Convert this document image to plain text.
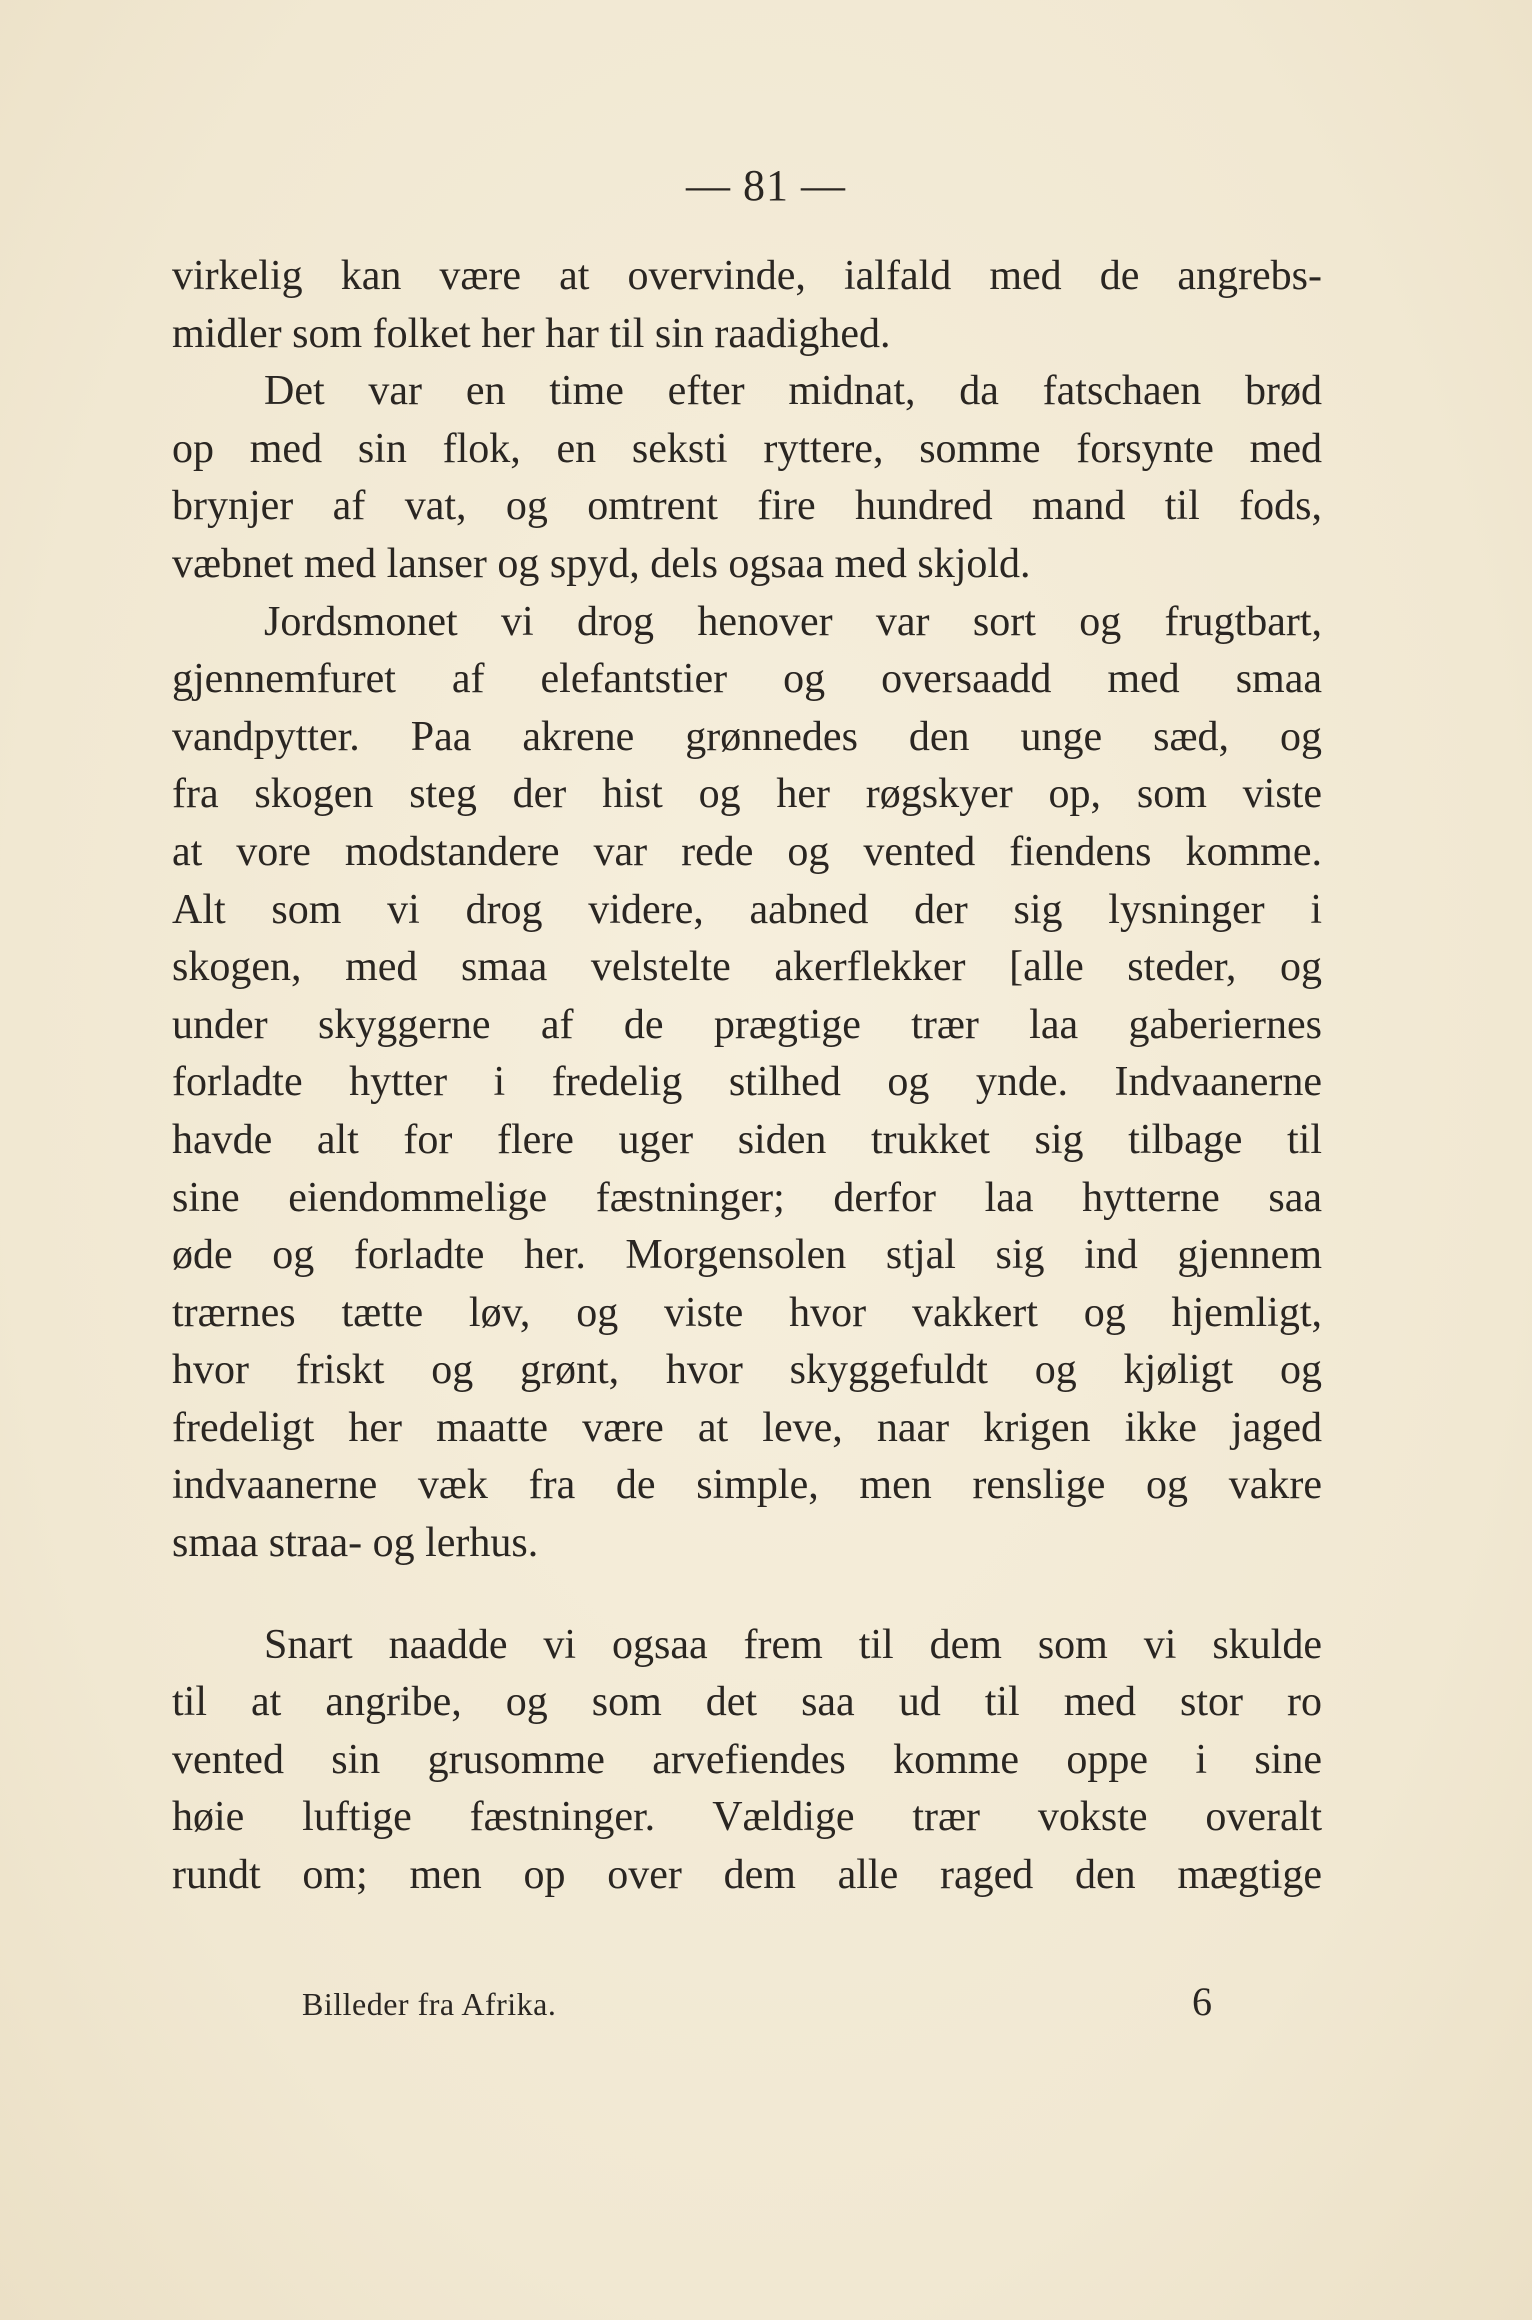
— 81 —
virkelig kan være at overvinde, ialfald med de angrebs-
midler som folket her har til sin raadighed.
Det var en time efter midnat, da fatschaen brød
op med sin flok, en seksti ryttere, somme forsynte med
brynjer af vat, og omtrent fire hundred mand til fods,
væbnet med lanser og spyd, dels ogsaa med skjold.
Jordsmonet vi drog henover var sort og frugtbart,
gjennemfuret af elefantstier og oversaadd med smaa
vandpytter. Paa akrene grønnedes den unge sæd, og
fra skogen steg der hist og her røgskyer op, som viste
at vore modstandere var rede og vented fiendens komme.
Alt som vi drog videre, aabned der sig lysninger i
skogen, med smaa velstelte akerflekker [alle steder, og
under skyggerne af de prægtige trær laa gaberiernes
forladte hytter i fredelig stilhed og ynde. Indvaanerne
havde alt for flere uger siden trukket sig tilbage til
sine eiendommelige fæstninger; derfor laa hytterne saa
øde og forladte her. Morgensolen stjal sig ind gjennem
trærnes tætte løv, og viste hvor vakkert og hjemligt,
hvor friskt og grønt, hvor skyggefuldt og kjøligt og
fredeligt her maatte være at leve, naar krigen ikke jaged
indvaanerne væk fra de simple, men renslige og vakre
smaa straa- og lerhus.
Snart naadde vi ogsaa frem til dem som vi skulde
til at angribe, og som det saa ud til med stor ro
vented sin grusomme arvefiendes komme oppe i sine
høie luftige fæstninger. Vældige trær vokste overalt
rundt om; men op over dem alle raged den mægtige
Billeder fra Afrika.	6
